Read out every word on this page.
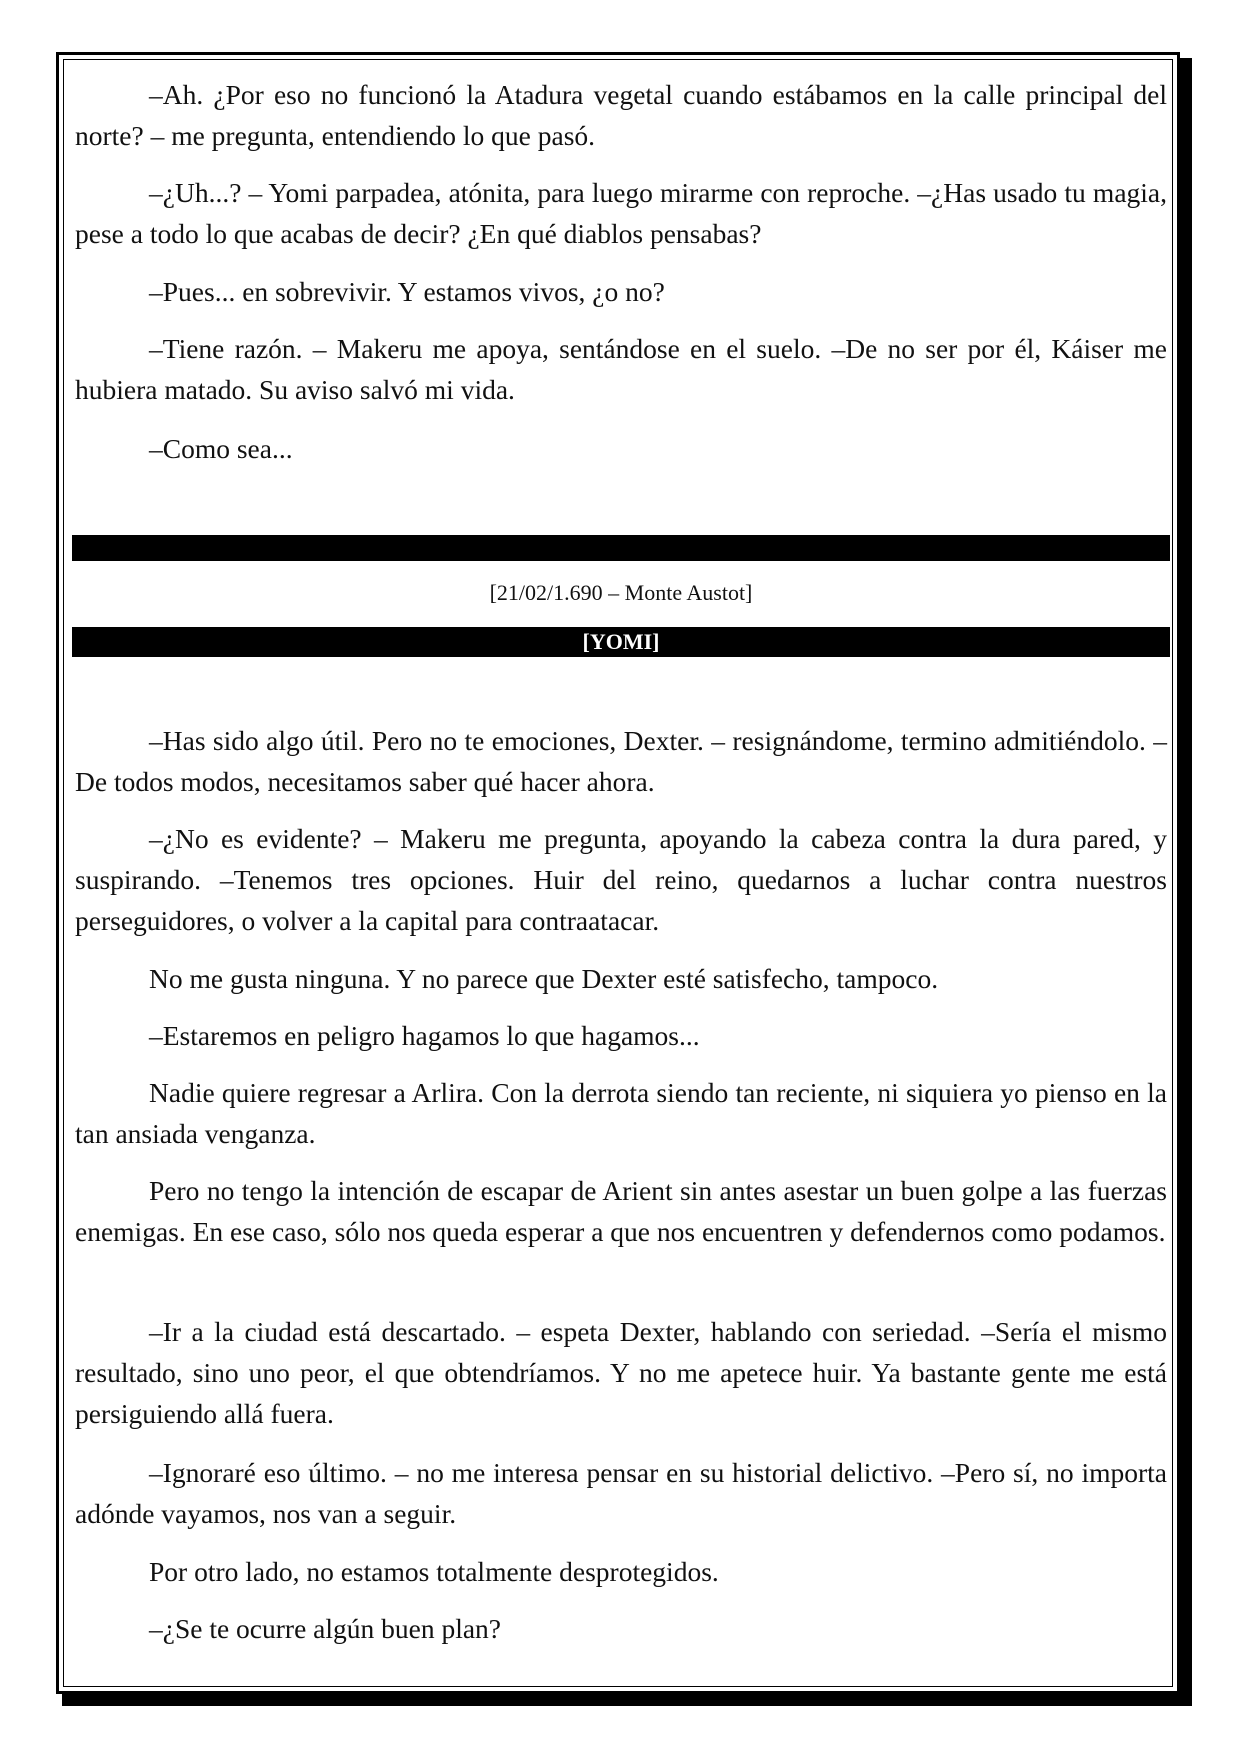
–Ah. ¿Por eso no funcionó la Atadura vegetal cuando estábamos en la calle principal del norte? – me pregunta, entendiendo lo que pasó.

–¿Uh...? – Yomi parpadea, atónita, para luego mirarme con reproche. –¿Has usado tu magia, pese a todo lo que acabas de decir? ¿En qué diablos pensabas?

–Pues... en sobrevivir. Y estamos vivos, ¿o no?

–Tiene razón. – Makeru me apoya, sentándose en el suelo. –De no ser por él, Káiser me hubiera matado. Su aviso salvó mi vida.

–Como sea...

[21/02/1.690 – Monte Austot]
[YOMI]

–Has sido algo útil. Pero no te emociones, Dexter. – resignándome, termino admitiéndolo. –De todos modos, necesitamos saber qué hacer ahora.

–¿No es evidente? – Makeru me pregunta, apoyando la cabeza contra la dura pared, y suspirando. –Tenemos tres opciones. Huir del reino, quedarnos a luchar contra nuestros perseguidores, o volver a la capital para contraatacar.

No me gusta ninguna. Y no parece que Dexter esté satisfecho, tampoco.

–Estaremos en peligro hagamos lo que hagamos...

Nadie quiere regresar a Arlira. Con la derrota siendo tan reciente, ni siquiera yo pienso en la tan ansiada venganza.

Pero no tengo la intención de escapar de Arient sin antes asestar un buen golpe a las fuerzas enemigas. En ese caso, sólo nos queda esperar a que nos encuentren y defendernos como podamos.

–Ir a la ciudad está descartado. – espeta Dexter, hablando con seriedad. –Sería el mismo resultado, sino uno peor, el que obtendríamos. Y no me apetece huir. Ya bastante gente me está persiguiendo allá fuera.

–Ignoraré eso último. – no me interesa pensar en su historial delictivo. –Pero sí, no importa adónde vayamos, nos van a seguir.

Por otro lado, no estamos totalmente desprotegidos.

–¿Se te ocurre algún buen plan?
